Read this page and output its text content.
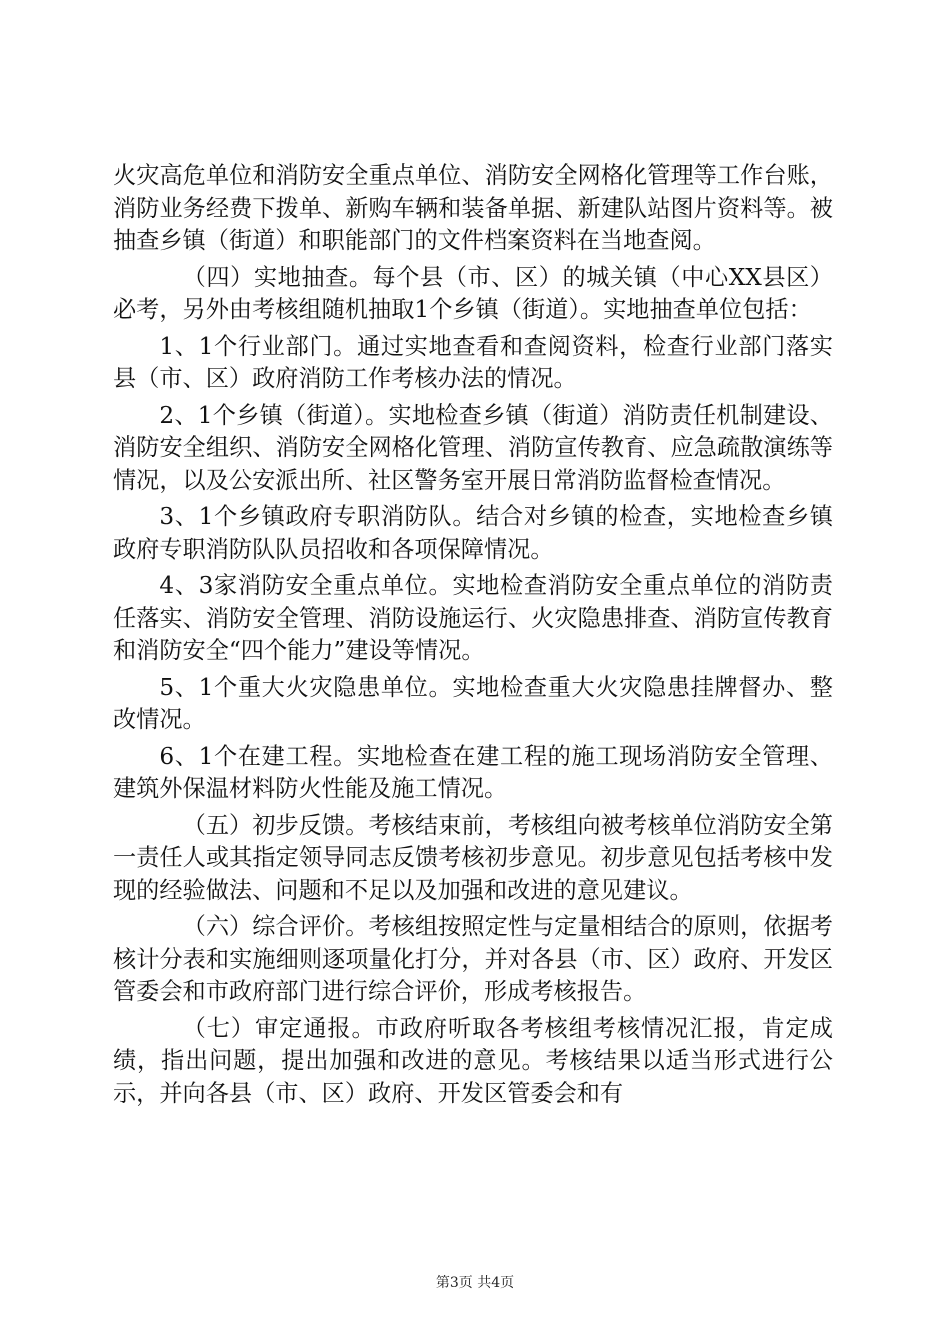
火灾高危单位和消防安全重点单位、消防安全网格化管理等工作台账，消防业务经费下拨单、新购车辆和装备单据、新建队站图片资料等。被抽查乡镇（街道）和职能部门的文件档案资料在当地查阅。

（四）实地抽查。每个县（市、区）的城关镇（中心XX县区）必考，另外由考核组随机抽取1个乡镇（街道）。实地抽查单位包括：

1、1个行业部门。通过实地查看和查阅资料，检查行业部门落实县（市、区）政府消防工作考核办法的情况。

2、1个乡镇（街道）。实地检查乡镇（街道）消防责任机制建设、消防安全组织、消防安全网格化管理、消防宣传教育、应急疏散演练等情况，以及公安派出所、社区警务室开展日常消防监督检查情况。

3、1个乡镇政府专职消防队。结合对乡镇的检查，实地检查乡镇政府专职消防队队员招收和各项保障情况。

4、3家消防安全重点单位。实地检查消防安全重点单位的消防责任落实、消防安全管理、消防设施运行、火灾隐患排查、消防宣传教育和消防安全“四个能力”建设等情况。

5、1个重大火灾隐患单位。实地检查重大火灾隐患挂牌督办、整改情况。

6、1个在建工程。实地检查在建工程的施工现场消防安全管理、建筑外保温材料防火性能及施工情况。

（五）初步反馈。考核结束前，考核组向被考核单位消防安全第一责任人或其指定领导同志反馈考核初步意见。初步意见包括考核中发现的经验做法、问题和不足以及加强和改进的意见建议。

（六）综合评价。考核组按照定性与定量相结合的原则，依据考核计分表和实施细则逐项量化打分，并对各县（市、区）政府、开发区管委会和市政府部门进行综合评价，形成考核报告。

（七）审定通报。市政府听取各考核组考核情况汇报，肯定成绩，指出问题，提出加强和改进的意见。考核结果以适当形式进行公示，并向各县（市、区）政府、开发区管委会和有

第3页 共4页
